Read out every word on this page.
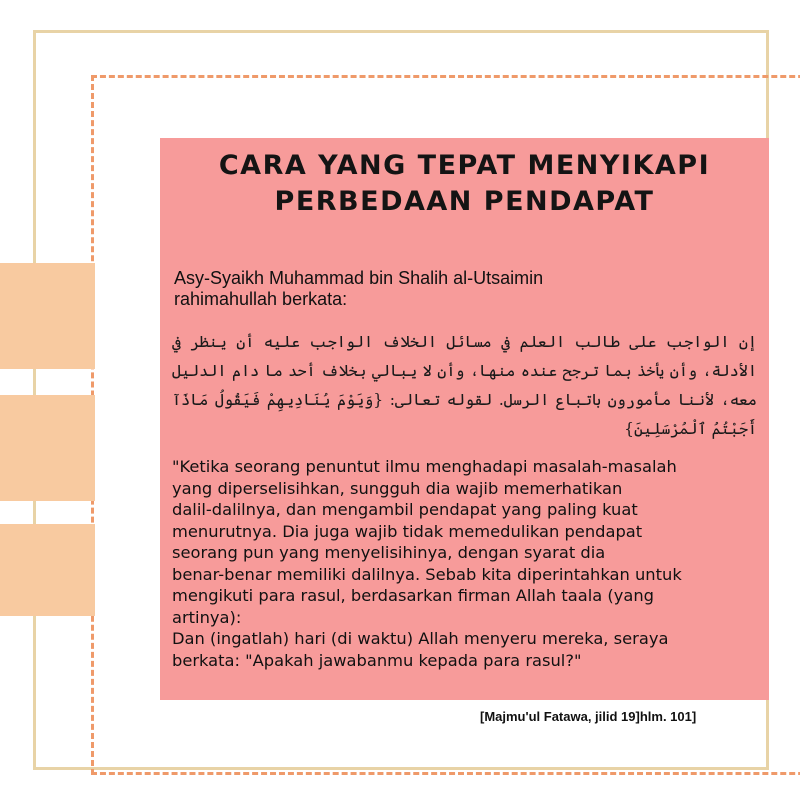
CARA YANG TEPAT MENYIKAPI
PERBEDAAN PENDAPAT
Asy-Syaikh Muhammad bin Shalih al-Utsaimin
rahimahullah berkata:
إن الواجب على طالب العلم في مسائل الخلاف الواجب عليه أن ينظر في الأدلة، وأن يأخذ بما ترجح عنده منها، وأن لا يبالي بخلاف أحد ما دام الدليل معه، لأننا مأمورون باتباع الرسل. لقوله تعالى: {وَيَوْمَ يُنَادِيهِمْ فَيَقُولُ مَاذَآ أَجَبْتُمُ ٱلْمُرْسَلِينَ}
"Ketika seorang penuntut ilmu menghadapi masalah-masalah
yang diperselisihkan, sungguh dia wajib memerhatikan
dalil-dalilnya, dan mengambil pendapat yang paling kuat
menurutnya. Dia juga wajib tidak memedulikan pendapat
seorang pun yang menyelisihinya, dengan syarat dia
benar-benar memiliki dalilnya. Sebab kita diperintahkan untuk
mengikuti para rasul, berdasarkan firman Allah taala (yang
artinya):
Dan (ingatlah) hari (di waktu) Allah menyeru mereka, seraya
berkata: "Apakah jawabanmu kepada para rasul?"
[Majmu'ul Fatawa, jilid 19]hlm. 101]
